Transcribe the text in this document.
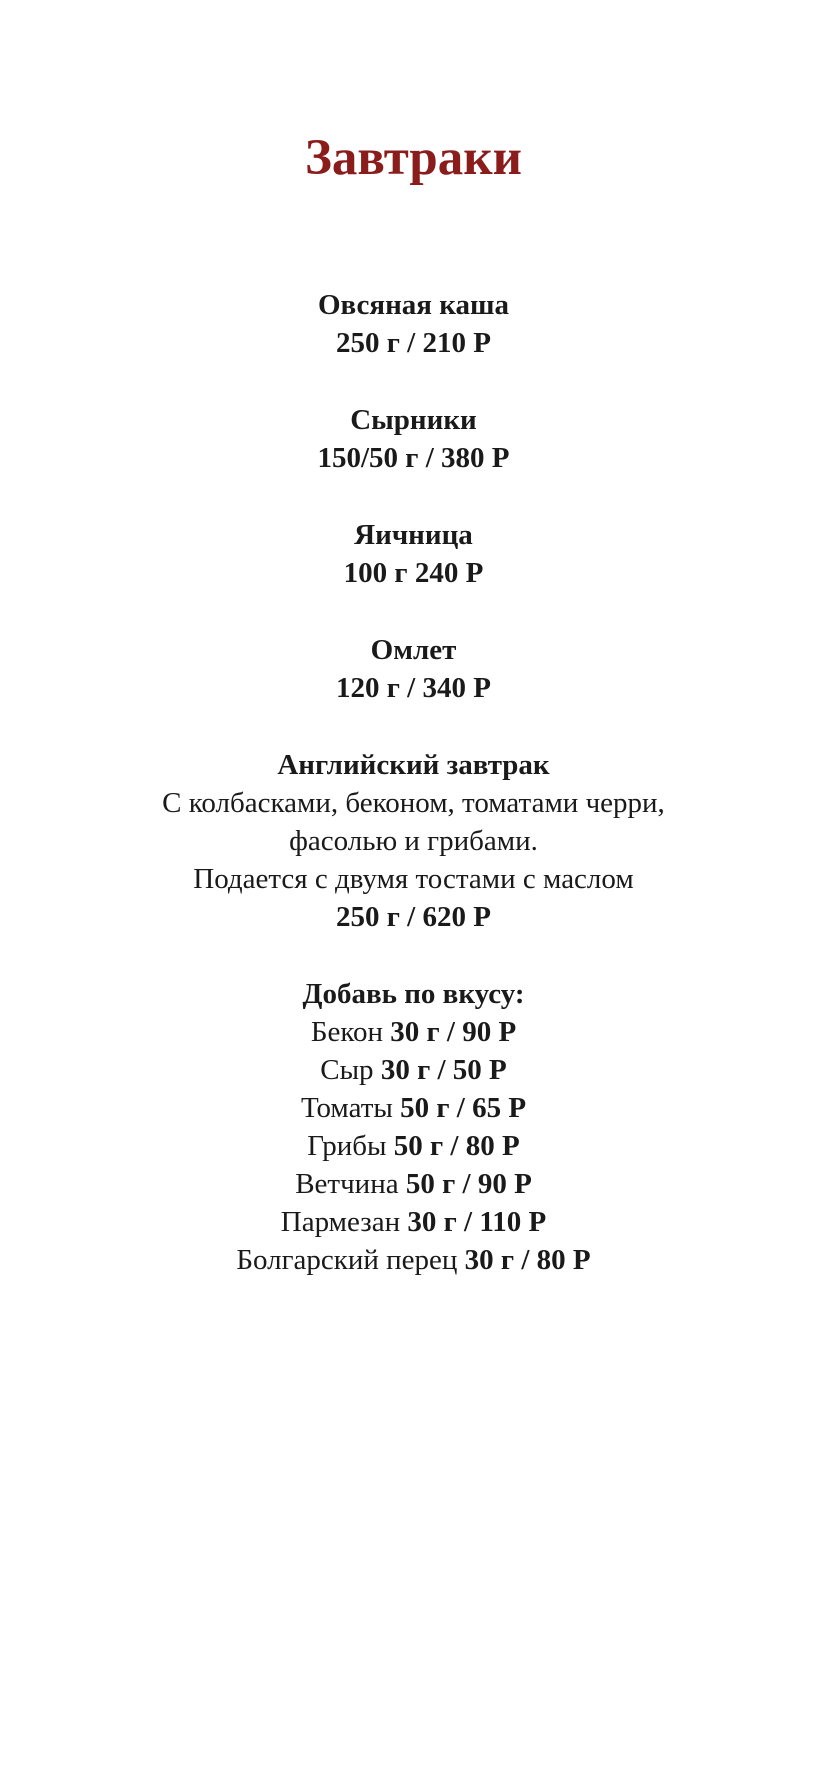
Завтраки
Овсяная каша
250 г / 210 Р
Сырники
150/50 г / 380 Р
Яичница
100 г 240 Р
Омлет
120 г / 340 Р
Английский завтрак
С колбасками, беконом, томатами черри,
фасолью и грибами.
Подается с двумя тостами с маслом
250 г / 620 Р
Добавь по вкусу:
Бекон 30 г / 90 Р
Сыр 30 г / 50 Р
Томаты 50 г / 65 Р
Грибы 50 г / 80 Р
Ветчина 50 г / 90 Р
Пармезан 30 г / 110 Р
Болгарский перец 30 г / 80 Р
